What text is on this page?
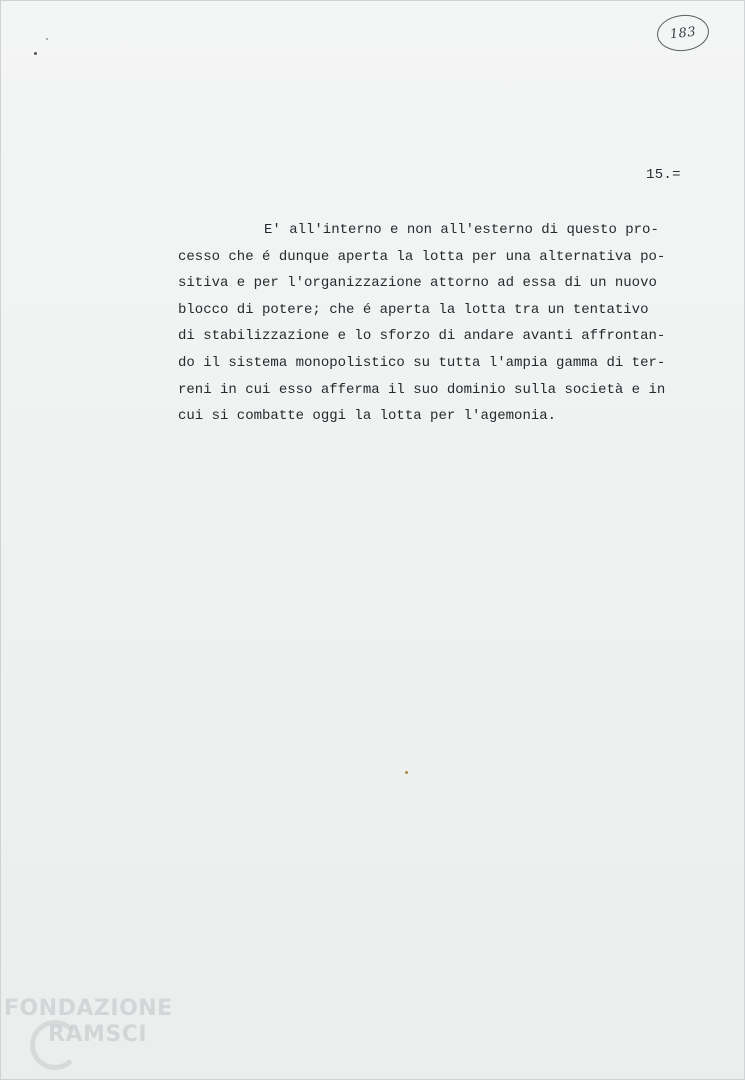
183
15.=
E' all'interno e non all'esterno di questo pro-
cesso che é dunque aperta la lotta per una alternativa po-
sitiva e per l'organizzazione attorno ad essa di un nuovo
blocco di potere; che é aperta la lotta tra un tentativo
di stabilizzazione e lo sforzo di andare avanti affrontan-
do il sistema monopolistico su tutta l'ampia gamma di ter-
reni in cui esso afferma il suo dominio sulla società e in
cui si combatte oggi la lotta per l'agemonia.
FONDAZIONE
RAMSCI
